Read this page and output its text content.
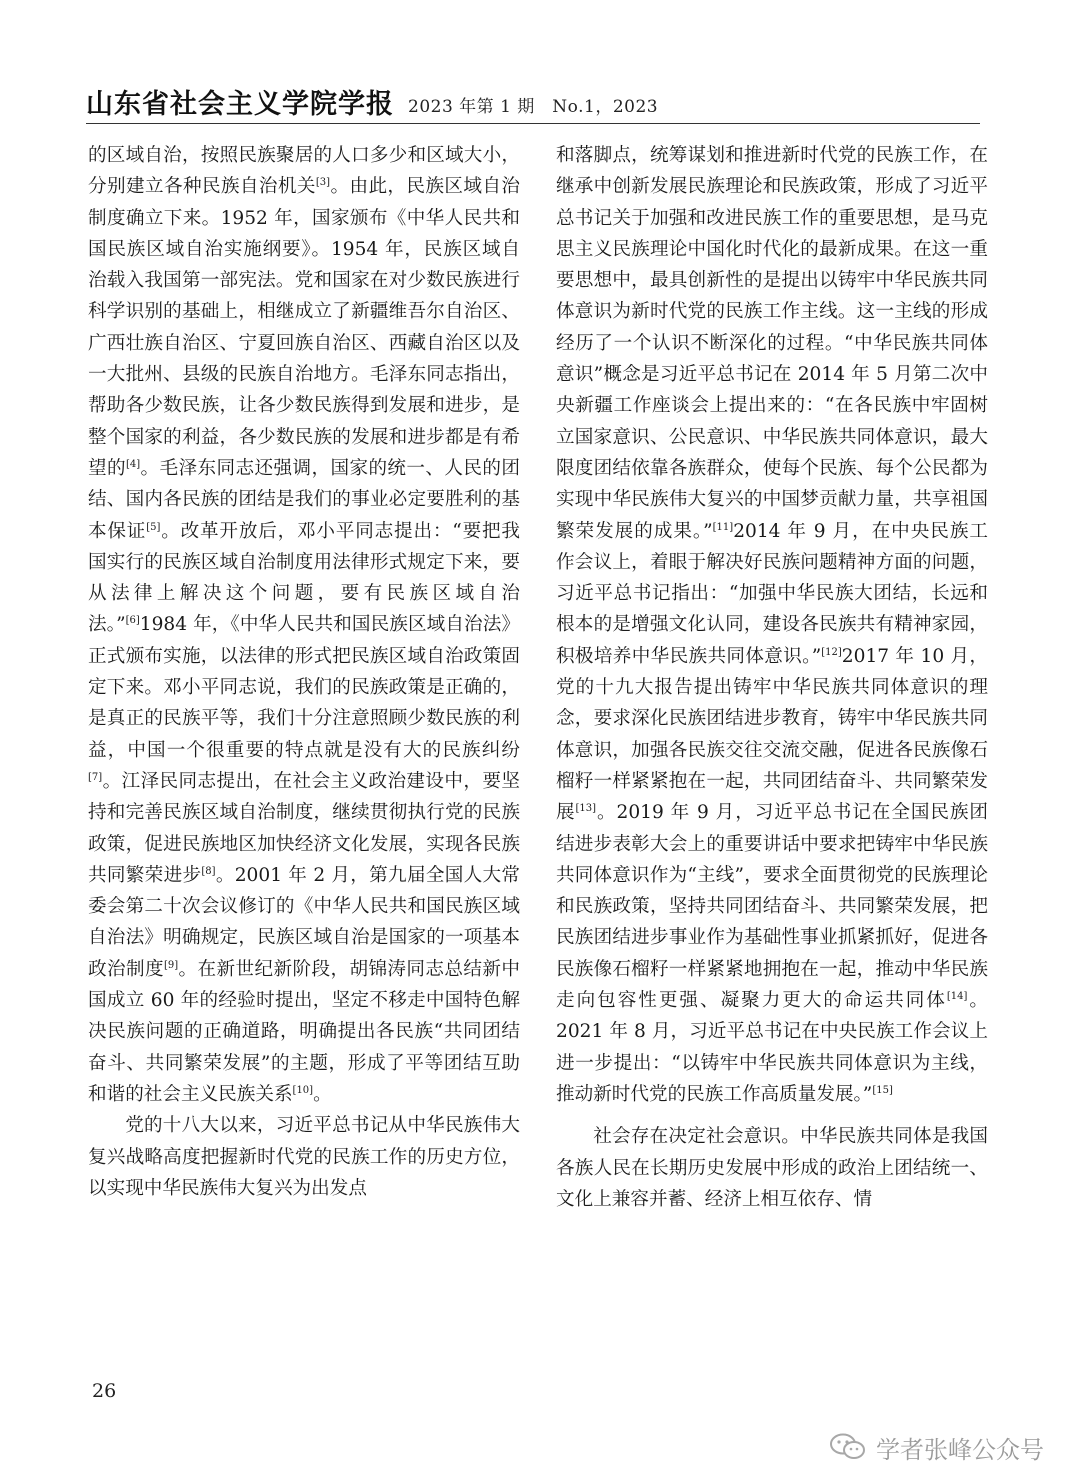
山东省社会主义学院学报 2023 年第 1 期　No.1，2023

的区域自治，按照民族聚居的人口多少和区域大小，分别建立各种民族自治机关[3]。由此，民族区域自治制度确立下来。1952 年，国家颁布《中华人民共和国民族区域自治实施纲要》。1954 年，民族区域自治载入我国第一部宪法。党和国家在对少数民族进行科学识别的基础上，相继成立了新疆维吾尔自治区、广西壮族自治区、宁夏回族自治区、西藏自治区以及一大批州、县级的民族自治地方。毛泽东同志指出，帮助各少数民族，让各少数民族得到发展和进步，是整个国家的利益，各少数民族的发展和进步都是有希望的[4]。毛泽东同志还强调，国家的统一、人民的团结、国内各民族的团结是我们的事业必定要胜利的基本保证[5]。改革开放后，邓小平同志提出：“要把我国实行的民族区域自治制度用法律形式规定下来，要从法律上解决这个问题，要有民族区域自治法。”[6]1984 年，《中华人民共和国民族区域自治法》正式颁布实施，以法律的形式把民族区域自治政策固定下来。邓小平同志说，我们的民族政策是正确的，是真正的民族平等，我们十分注意照顾少数民族的利益，中国一个很重要的特点就是没有大的民族纠纷[7]。江泽民同志提出，在社会主义政治建设中，要坚持和完善民族区域自治制度，继续贯彻执行党的民族政策，促进民族地区加快经济文化发展，实现各民族共同繁荣进步[8]。2001 年 2 月，第九届全国人大常委会第二十次会议修订的《中华人民共和国民族区域自治法》明确规定，民族区域自治是国家的一项基本政治制度[9]。在新世纪新阶段，胡锦涛同志总结新中国成立 60 年的经验时提出，坚定不移走中国特色解决民族问题的正确道路，明确提出各民族“共同团结奋斗、共同繁荣发展”的主题，形成了平等团结互助和谐的社会主义民族关系[10]。

党的十八大以来，习近平总书记从中华民族伟大复兴战略高度把握新时代党的民族工作的历史方位，以实现中华民族伟大复兴为出发点

和落脚点，统筹谋划和推进新时代党的民族工作，在继承中创新发展民族理论和民族政策，形成了习近平总书记关于加强和改进民族工作的重要思想，是马克思主义民族理论中国化时代化的最新成果。在这一重要思想中，最具创新性的是提出以铸牢中华民族共同体意识为新时代党的民族工作主线。这一主线的形成经历了一个认识不断深化的过程。“中华民族共同体意识”概念是习近平总书记在 2014 年 5 月第二次中央新疆工作座谈会上提出来的：“在各民族中牢固树立国家意识、公民意识、中华民族共同体意识，最大限度团结依靠各族群众，使每个民族、每个公民都为实现中华民族伟大复兴的中国梦贡献力量，共享祖国繁荣发展的成果。”[11]2014 年 9 月，在中央民族工作会议上，着眼于解决好民族问题精神方面的问题，习近平总书记指出：“加强中华民族大团结，长远和根本的是增强文化认同，建设各民族共有精神家园，积极培养中华民族共同体意识。”[12]2017 年 10 月，党的十九大报告提出铸牢中华民族共同体意识的理念，要求深化民族团结进步教育，铸牢中华民族共同体意识，加强各民族交往交流交融，促进各民族像石榴籽一样紧紧抱在一起，共同团结奋斗、共同繁荣发展[13]。2019 年 9 月，习近平总书记在全国民族团结进步表彰大会上的重要讲话中要求把铸牢中华民族共同体意识作为“主线”，要求全面贯彻党的民族理论和民族政策，坚持共同团结奋斗、共同繁荣发展，把民族团结进步事业作为基础性事业抓紧抓好，促进各民族像石榴籽一样紧紧地拥抱在一起，推动中华民族走向包容性更强、凝聚力更大的命运共同体[14]。2021 年 8 月，习近平总书记在中央民族工作会议上进一步提出：“以铸牢中华民族共同体意识为主线，推动新时代党的民族工作高质量发展。”[15]

社会存在决定社会意识。中华民族共同体是我国各族人民在长期历史发展中形成的政治上团结统一、文化上兼容并蓄、经济上相互依存、情

26
学者张峰公众号
